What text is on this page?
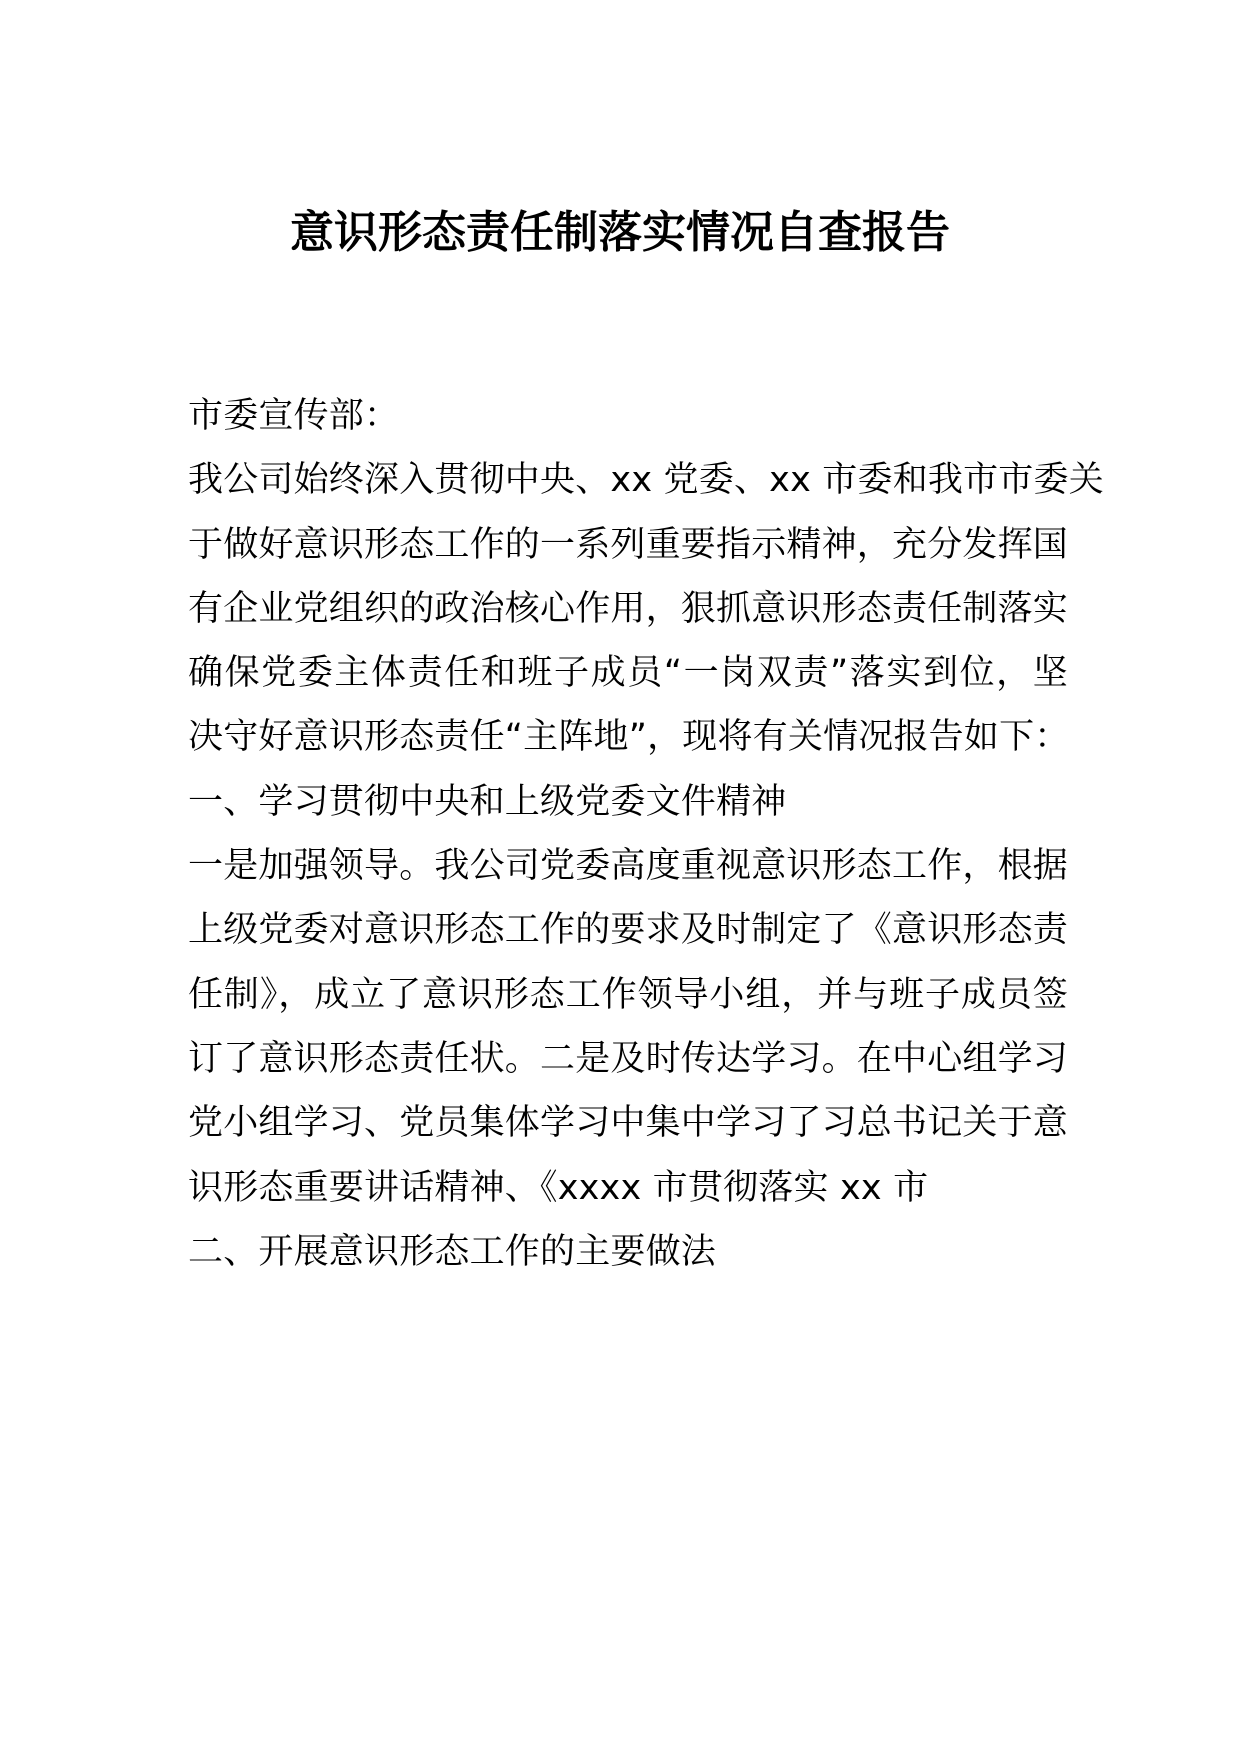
意识形态责任制落实情况自查报告
市委宣传部：
我公司始终深入贯彻中央、xx 党委、xx 市委和我市市委关
于做好意识形态工作的一系列重要指示精神，充分发挥国
有企业党组织的政治核心作用，狠抓意识形态责任制落实
确保党委主体责任和班子成员“一岗双责”落实到位，坚
决守好意识形态责任“主阵地”，现将有关情况报告如下：
一、学习贯彻中央和上级党委文件精神
一是加强领导。我公司党委高度重视意识形态工作，根据
上级党委对意识形态工作的要求及时制定了《意识形态责
任制》，成立了意识形态工作领导小组，并与班子成员签
订了意识形态责任状。二是及时传达学习。在中心组学习
党小组学习、党员集体学习中集中学习了习总书记关于意
识形态重要讲话精神、《xxxx 市贯彻落实 xx 市
二、开展意识形态工作的主要做法
